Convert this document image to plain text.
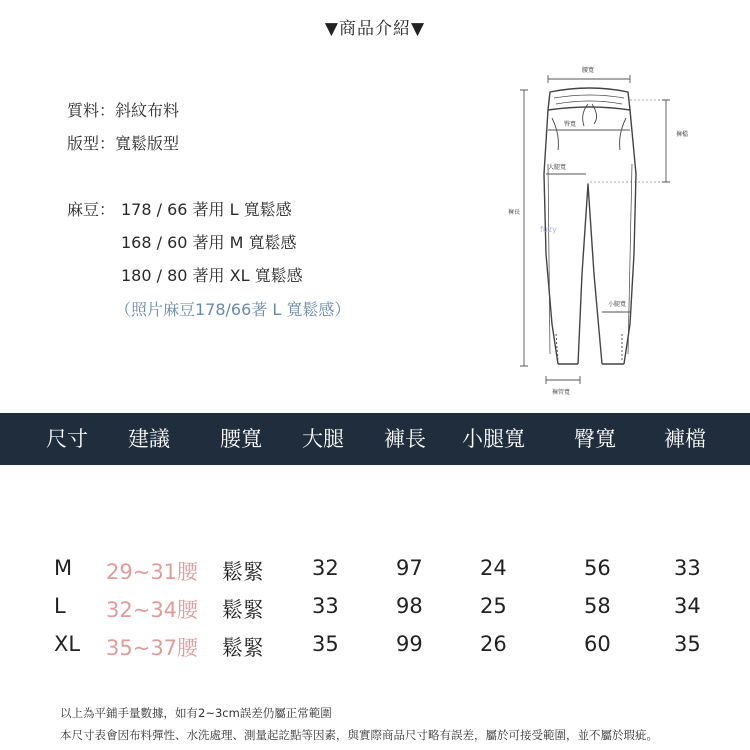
▼商品介紹▼
質料：斜紋布料
版型：寬鬆版型
麻豆： 178 / 66 著用 L 寬鬆感
168 / 60 著用 M 寬鬆感
180 / 80 著用 XL 寬鬆感
（照片麻豆178/66著 L 寬鬆感）
腰寬
臀寬
褲檔
大腿寬
褲長
小腿寬
褲管寬
fuzy
尺寸 建議 腰寬 大腿 褲長 小腿寬 臀寬 褲檔
M 29~31腰 鬆緊 32	97	24	56	33
L 32~34腰 鬆緊 33	98	25	58	34
XL 35~37腰 鬆緊 35	99	26	60	35
以上為平鋪手量數據，如有2~3cm誤差仍屬正常範圍
本尺寸表會因布料彈性、水洗處理、測量起訖點等因素，與實際商品尺寸略有誤差，屬於可接受範圍，並不屬於瑕疵。
